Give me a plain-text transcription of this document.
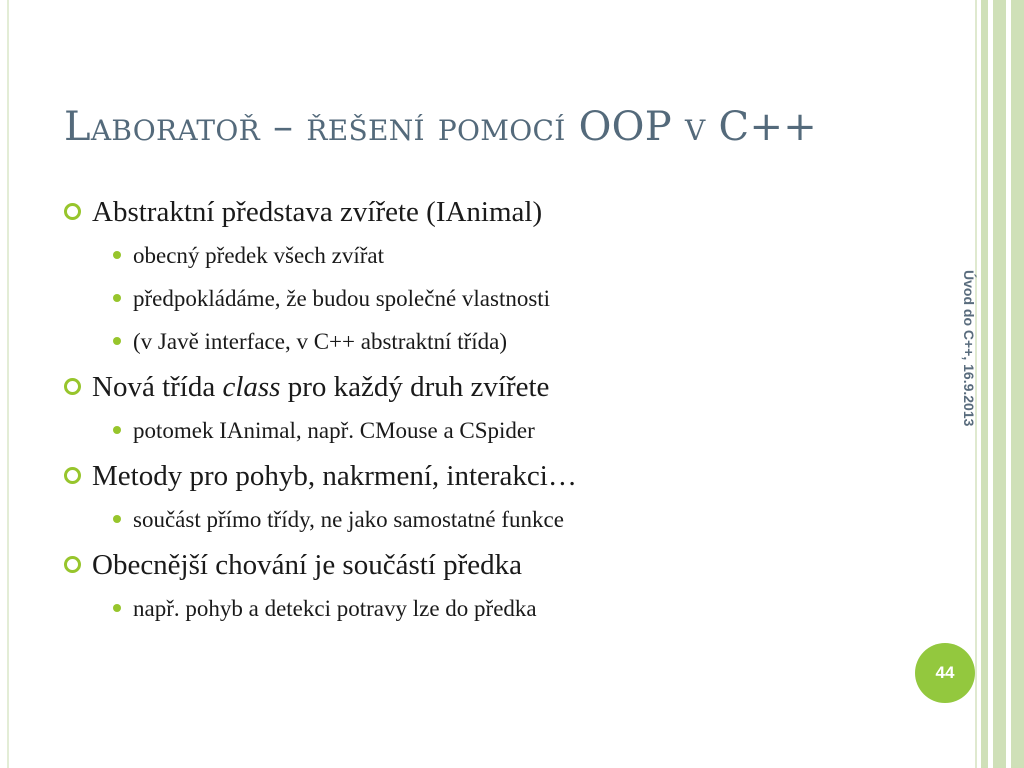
Laboratoř – řešení pomocí OOP v C++
Abstraktní představa zvířete (IAnimal)
obecný předek všech zvířat
předpokládáme, že budou společné vlastnosti
(v Javě interface, v C++ abstraktní třída)
Nová třída class pro každý druh zvířete
potomek IAnimal, např. CMouse a CSpider
Metody pro pohyb, nakrmení, interakci…
součást přímo třídy, ne jako samostatné funkce
Obecnější chování je součástí předka
např. pohyb a detekci potravy lze do předka
Úvod do C++, 16.9.2013
44
